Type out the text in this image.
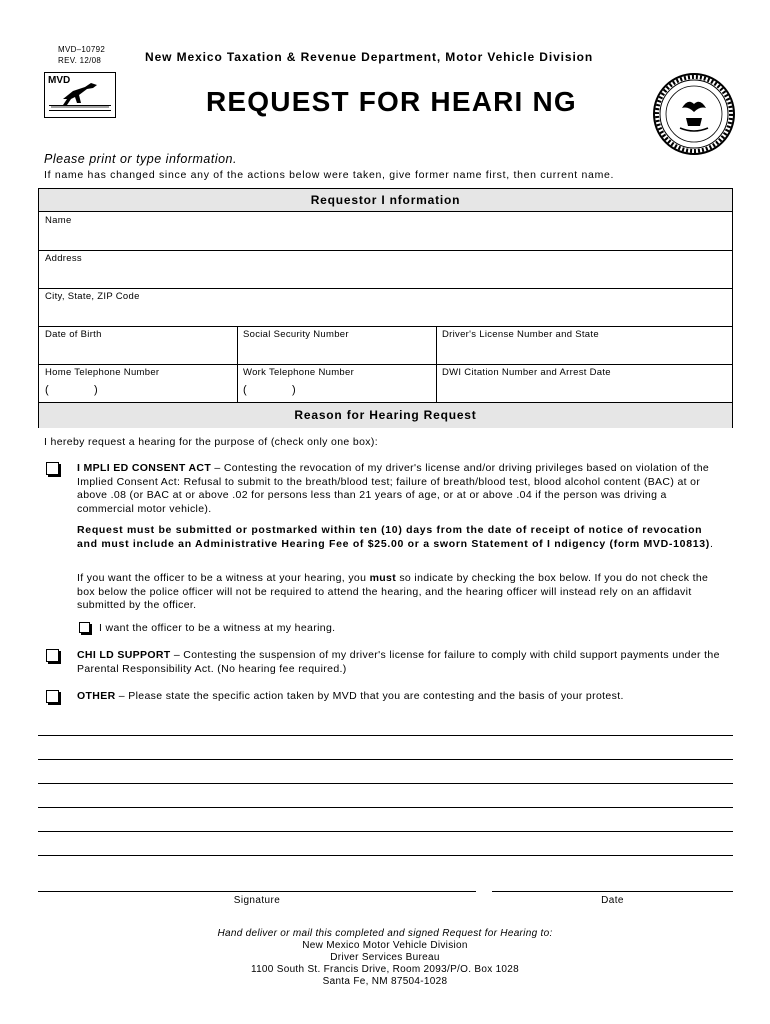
MVD–10792
REV. 12/08
MVD
New Mexico Taxation & Revenue Department, Motor Vehicle Division
REQUEST FOR HEARI NG
Please print or type information.
If name has changed since any of the actions below were taken, give former name first, then current name.
Requestor I nformation
Name
Address
City, State, ZIP Code
Date of Birth	Social Security Number	Driver's License Number and State
Home Telephone Number	Work Telephone Number	DWI Citation Number and Arrest Date
(	)	(	)
Reason for Hearing Request
I hereby request a hearing for the purpose of (check only one box):
I MPLI ED CONSENT ACT – Contesting the revocation of my driver's license and/or driving privileges based on violation of the Implied Consent Act: Refusal to submit to the breath/blood test; failure of breath/blood test, blood alcohol content (BAC) at or above .08 (or BAC at or above .02 for persons less than 21 years of age, or at or above .04 if the person was driving a commercial motor vehicle).
Request must be submitted or postmarked within ten (10) days from the date of receipt of notice of revocation and must include an Administrative Hearing Fee of $25.00 or a sworn Statement of I ndigency (form MVD-10813).
If you want the officer to be a witness at your hearing, you must so indicate by checking the box below. If you do not check the box below the police officer will not be required to attend the hearing, and the hearing officer will instead rely on an affidavit submitted by the officer.
I want the officer to be a witness at my hearing.
CHI LD SUPPORT – Contesting the suspension of my driver's license for failure to comply with child support payments under the Parental Responsibility Act. (No hearing fee required.)
OTHER – Please state the specific action taken by MVD that you are contesting and the basis of your protest.
Signature	Date
Hand deliver or mail this completed and signed Request for Hearing to:
New Mexico Motor Vehicle Division
Driver Services Bureau
1100 South St. Francis Drive, Room 2093/P/O. Box 1028
Santa Fe, NM 87504-1028
